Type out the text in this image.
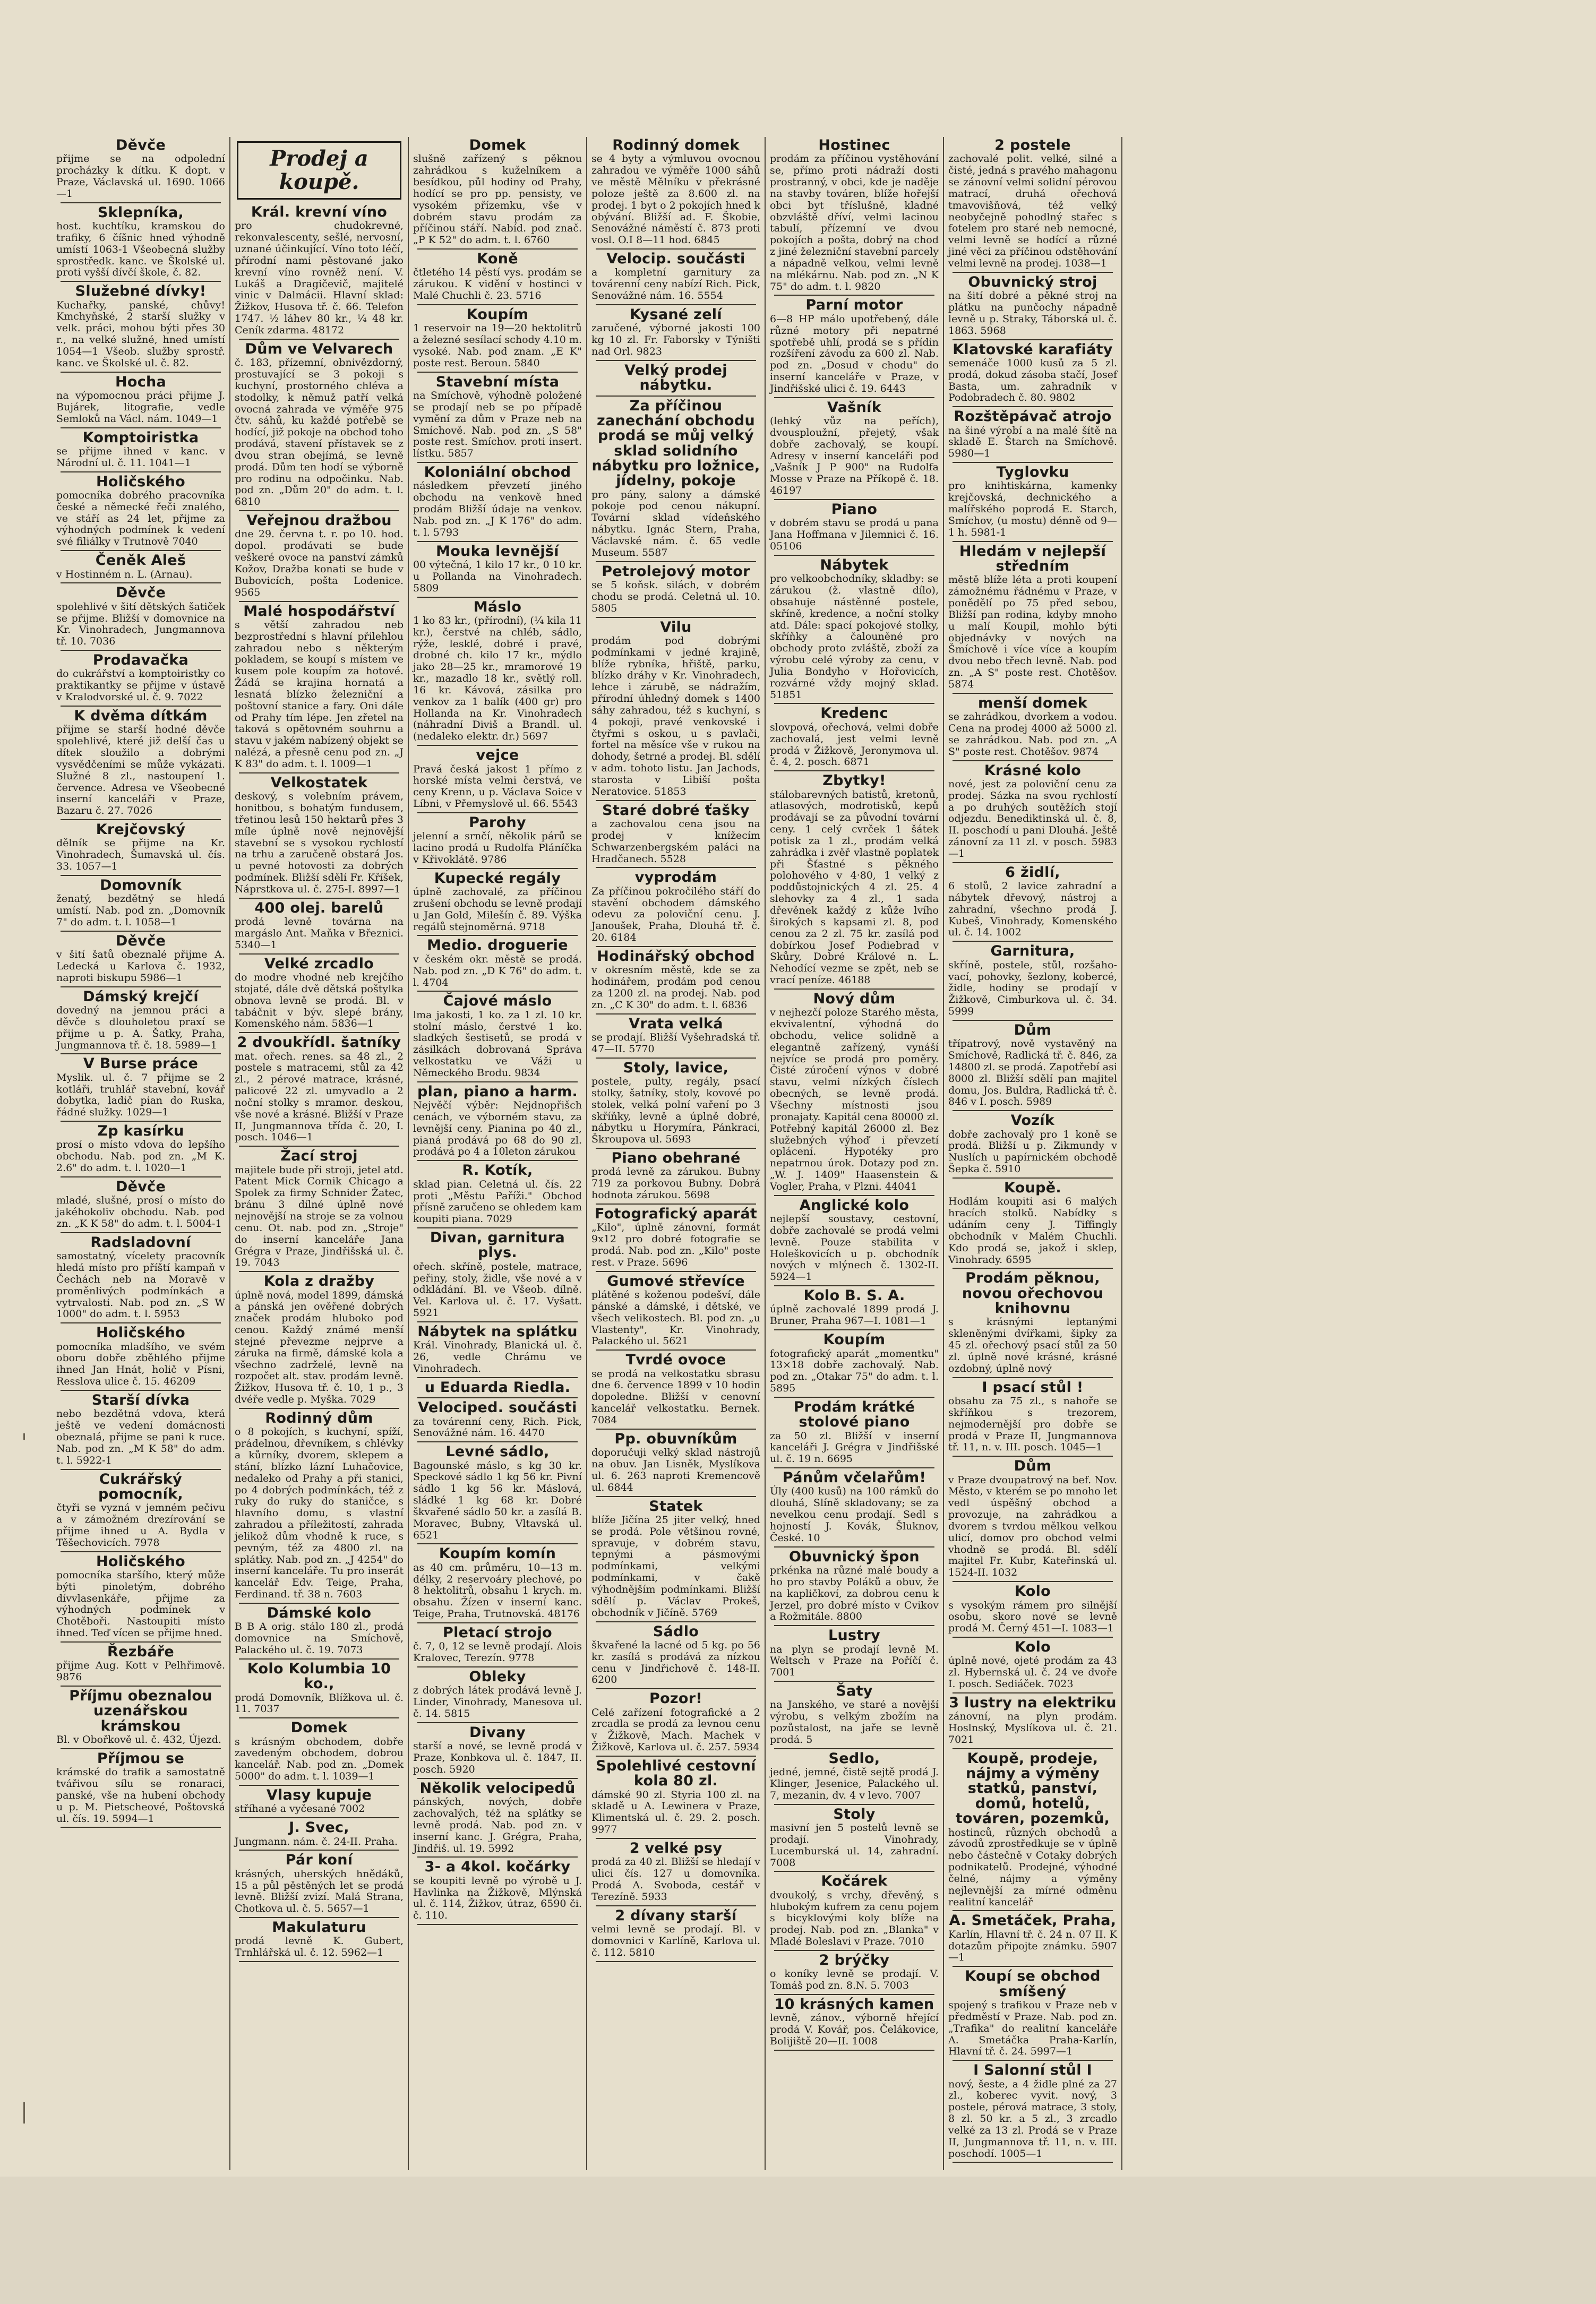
Děvče

přijme se na odpolední procházky k dítku. K dopt. v Praze, Václavská ul. 1690. 1066—1

Sklepníka,

host. kuchtíku, kramskou do trafiky, 6 číšnic hned výhodně umístí 1063-1 Všeobecná služby sprostředk. kanc. ve Školské ul. proti vyšší dívčí škole, č. 82.

Služebné dívky!

Kuchařky, panské, chůvy! Kmchyňské, 2 starší služky v velk. práci, mohou býti přes 30 r., na velké služné, hned umístí 1054—1 Všeob. služby sprostř. kanc. ve Školské ul. č. 82.

Hocha

na výpomocnou práci přijme J. Bujárek, litografie, vedle Semloků na Václ. nám. 1049—1

Komptoiristka

se přijme ihned v kanc. v Národní ul. č. 11. 1041—1

Holičského

pomocníka dobrého pracovníka české a německé řeči znalého, ve stáří as 24 let, přijme za výhodných podmínek k vedení své filiálky v Trutnově 7040

Čeněk Aleš

v Hostinném n. L. (Arnau).

Děvče

spolehlivé v šití dětských šatiček se přijme. Bližší v domovnice na Kr. Vinohradech, Jungmannova tř. 10. 7036

Prodavačka

do cukrářství a komptoiristky co praktikantky se přijme v ústavě v Kralodvorské ul. č. 9. 7022

K dvěma dítkám

přijme se starší hodné děvče spolehlivé, které již delší čas u dítek sloužilo a dobrými vysvědčeními se může vykázati. Služné 8 zl., nastoupení 1. července. Adresa ve Všeobecné inserní kanceláři v Praze, Bazaru č. 27. 7026

Krejčovský

dělník se přijme na Kr. Vinohradech, Šumavská ul. čís. 33. 1057—1

Domovník

ženatý, bezdětný se hledá umístí. Nab. pod zn. „Domovník 7" do adm. t. l. 1058—1

Děvče

v šití šatů obeznalé přijme A. Ledecká u Karlova č. 1932, naproti biskupu 5986—1

Dámský krejčí

dovedný na jemnou práci a děvče s dlouholetou praxí se přijme u p. A. Šatky, Praha, Jungmannova tř. č. 18. 5989—1

V Burse práce

Myslik. ul. č. 7 přijme se 2 kotláři, truhlář stavební, kovář dobytka, ladič pian do Ruska, řádné služky. 1029—1

Zp kasírku

prosí o místo vdova do lepšího obchodu. Nab. pod zn. „M K. 2.6" do adm. t. l. 1020—1

Děvče

mladé, slušné, prosí o místo do jakéhokoliv obchodu. Nab. pod zn. „K K 58" do adm. t. l. 5004-1

Radsladovní

samostatný, vícelety pracovník hledá místo pro příští kampaň v Čechách neb na Moravě v proměnlivých podmínkách a vytrvalosti. Nab. pod zn. „S W 1000" do adm. t. l. 5953

Holičského

pomocníka mladšího, ve svém oboru dobře zběhlého přijme ihned Jan Hnát, holič v Písni, Resslova ulice č. 15. 46209

Starší dívka

nebo bezdětná vdova, která ještě ve vedení domácnosti obeznalá, přijme se pani k ruce. Nab. pod zn. „M K 58" do adm. t. l. 5922-1

Cukrářský pomocník,

čtyři se vyzná v jemném pečivu a v zámožném drezírování se přijme ihned u A. Bydla v Těšechovicích. 7978

Holičského

pomocníka staršího, který může býti pinoletým, dobrého dívvlasenkáře, přijme za výhodných podmínek v Chotěboři. Nastoupiti místo ihned. Teď vícen se přijme hned.

Řezbáře

přijme Aug. Kott v Pelhřimově. 9876

Příjmu obeznalou uzenářskou krámskou

Bl. v Obořkově ul. č. 432, Újezd.

Příjmou se

krámské do trafik a samostatně tvářivou sílu se ronaraci, panské, vše na hubení obchody u p. M. Pietscheové, Poštovská ul. čís. 19. 5994—1

Prodej a koupě.
Král. krevní víno

pro chudokrevné, rekonvalescenty, sešlé, nervosní, uznané účinkující. Víno toto léčí, přírodní nami pěstované jako krevní víno rovněž není. V. Lukáš a Dragičevič, majitelé vinic v Dalmácii. Hlavní sklad: Žižkov, Husova tř. č. 66. Telefon 1747. ½ láhev 80 kr., ¼ 48 kr. Ceník zdarma. 48172

Dům ve Velvarech

č. 183, přízemní, obnivězdorný, prostuvající se 3 pokoji s kuchyní, prostorného chléva a stodolky, k němuž patří velká ovocná zahrada ve výměře 975 čtv. sáhů, ku každé potřebě se hodící, již pokoje na obchod toho prodává, stavení přístavek se z dvou stran obejímá, se levně prodá. Dům ten hodí se výborně pro rodinu na odpočinku. Nab. pod zn. „Dům 20" do adm. t. l. 6810

Veřejnou dražbou

dne 29. června t. r. po 10. hod. dopol. prodávati se bude veškeré ovoce na panství zámků Kožov, Dražba konati se bude v Bubovicích, pošta Lodenice. 9565

Malé hospodářství

s větší zahradou neb bezprostřední s hlavní přilehlou zahradou nebo s některým pokladem, se koupí s místem ve kusem pole koupím za hotové. Žádá se krajina hornatá a lesnatá blízko železniční a poštovní stanice a fary. Oni dále od Prahy tím lépe. Jen zřetel na taková s opětovném souhrnu a stavu v jakém nabízený objekt se nalézá, a přesně cenu pod zn. „J K 83" do adm. t. l. 1009—1

Velkostatek

deskový, s volebním právem, honitbou, s bohatým fundusem, třetinou lesů 150 hektarů přes 3 míle úplně nově nejnovější stavební se s vysokou rychlostí na trhu a zaručeně obstará Jos. u pevné hotovosti za dobrých podmínek. Bližší sdělí Fr. Kříšek, Náprstkova ul. č. 275-I. 8997—1

400 olej. barelů

prodá levně továrna na margáslo Ant. Maňka v Březnici. 5340—1

Velké zrcadlo

do modre vhodné neb krejčího stojaté, dále dvě dětská poštylka obnova levně se prodá. Bl. v tabáčnit v býv. slepé brány, Komenského nám. 5836—1

2 dvoukřídl. šatníky

mat. ořech. renes. sa 48 zl., 2 postele s matracemi, stůl za 42 zl., 2 pérové matrace, krásné, palicové 22 zl. umyvadlo a 2 noční stolky s mramor. deskou, vše nové a krásné. Bližší v Praze II, Jungmannova třída č. 20, I. posch. 1046—1

Žací stroj

majitele bude při stroji, jetel atd. Patent Mick Cornik Chicago a Spolek za firmy Schnider Žatec, bránu 3 dílné úplně nové nejnovější na stroje se za volnou cenu. Ot. nab. pod zn. „Stroje" do inserní kanceláře Jana Grégra v Praze, Jindřišská ul. č. 19. 7043

Kola z dražby

úplně nová, model 1899, dámská a pánská jen ověřené dobrých značek prodám hluboko pod cenou. Každý známé menší stejné převezme nejprve a záruka na firmě, dámské kola a všechno zadrželé, levně na rozpočet alt. stav. prodám levně. Žižkov, Husova tř. č. 10, 1 p., 3 dvéře vedle p. Myška. 7029

Rodinný dům

o 8 pokojích, s kuchyní, spíží, prádelnou, dřevníkem, s chlévky a kůrníky, dvorem, sklepem a stání, blízko lázní Luhačovice, nedaleko od Prahy a při stanici, po 4 dobrých podmínkách, též z ruky do ruky do staničce, s hlavního domu, s vlastní zahradou a příležitostí, zahrada jelikož dům vhodně k ruce, s pevným, též za 4800 zl. na splátky. Nab. pod zn. „J 4254" do inserní kanceláře. Tu pro inserát kancelář Edv. Teige, Praha, Ferdinand. tř. 38 n. 7603

Dámské kolo

B B A orig. stálo 180 zl., prodá domovnice na Smíchově, Palackého ul. č. 19. 7073

Kolo Kolumbia 10 ko.,

prodá Domovník, Blížkova ul. č. 11. 7037

Domek

s krásným obchodem, dobře zavedeným obchodem, dobrou kancelář. Nab. pod zn. „Domek 5000" do adm. t. l. 1039—1

Vlasy kupuje

stříhané a vyčesané 7002

J. Svec,

Jungmann. nám. č. 24-II. Praha.

Pár koní

krásných, uherských hnědáků, 15 a půl pěstěných let se prodá levně. Bližší zvizí. Malá Strana, Chotkova ul. č. 5. 5657—1

Makulaturu

prodá levně K. Gubert, Trnhlářská ul. č. 12. 5962—1

Domek

slušně zařízený s pěknou zahrádkou s kuželníkem a besídkou, půl hodiny od Prahy, hodící se pro pp. pensisty, ve vysokém přízemku, vše v dobrém stavu prodám za příčinou stáří. Nabíd. pod znač. „P K 52" do adm. t. l. 6760

Koně

čtletého 14 pěstí vys. prodám se zárukou. K vidění v hostinci v Malé Chuchli č. 23. 5716

Koupím

1 reservoir na 19—20 hektolitrů a železné sesílací schody 4.10 m. vysoké. Nab. pod znam. „E K" poste rest. Beroun. 5840

Stavební místa

na Smíchově, výhodně položené se prodají neb se po případě vymění za dům v Praze neb na Smíchově. Nab. pod zn. „S 58" poste rest. Smíchov. proti insert. lístku. 5857

Koloniální obchod

následkem převzetí jiného obchodu na venkově hned prodám Bližší údaje na venkov. Nab. pod zn. „J K 176" do adm. t. l. 5793

Mouka levnější

00 výtečná, 1 kilo 17 kr., 0 10 kr. u Pollanda na Vinohradech. 5809

Máslo

1 ko 83 kr., (přírodní), (¼ kila 11 kr.), čerstvé na chléb, sádlo, rýže, lesklé, dobré i pravé, drobné ch. kilo 17 kr., mýdlo jako 28—25 kr., mramorové 19 kr., mazadlo 18 kr., světlý roll. 16 kr. Kávová, zásilka pro venkov za 1 balík (400 gr) pro Hollanda na Kr. Vinohradech (náhradní Diviš a Brandl. ul. (nedaleko elektr. dr.) 5697

vejce

Pravá česká jakost 1 přímo z horské místa velmi čerstvá, ve ceny Krenn, u p. Václava Soice v Líbni, v Přemyslově ul. 66. 5543

Parohy

jelenní a srnčí, několik párů se lacino prodá u Rudolfa Pláníčka v Křivoklátě. 9786

Kupecké regály

úplně zachovalé, za příčinou zrušení obchodu se levně prodají u Jan Gold, Milešín č. 89. Výška regálů stejnoměrná. 9718

Medio. droguerie

v českém okr. městě se prodá. Nab. pod zn. „D K 76" do adm. t. l. 4704

Čajové máslo

lma jakosti, 1 ko. za 1 zl. 10 kr. stolní máslo, čerstvé 1 ko. sladkých šestisetů, se prodá v zásilkách dobrovaná Správa velkostatku ve Váži u Německého Brodu. 9834

plan, piano a harm.

Nejvěčí výběr: Nejdnopřišch cenách, ve výborném stavu, za levnější ceny. Pianina po 40 zl., pianá prodává po 68 do 90 zl. prodává po 4 a 10leton zárukou

R. Kotík,

sklad pian. Celetná ul. čís. 22 proti „Městu Paříži." Obchod přísně zaručeno se ohledem kam koupiti piana. 7029

Divan, garnitura plys.

ořech. skříně, postele, matrace, peřiny, stoly, židle, vše nové a v odkládání. Bl. ve Všeob. dílně. Vel. Karlova ul. č. 17. Vyšatt. 5921

Nábytek na splátku

Král. Vinohrady, Blanická ul. č. 26, vedle Chrámu ve Vinohradech.

u Eduarda Riedla.
Velociped. součásti

za továrenní ceny, Rich. Pick, Senovážné nám. 16. 4470

Levné sádlo,

Bagounské máslo, s kg 30 kr. Speckové sádlo 1 kg 56 kr. Pivní sádlo 1 kg 56 kr. Máslová, sládké 1 kg 68 kr. Dobré škvařené sádlo 50 kr. a zasílá B. Moravec, Bubny, Vltavská ul. 6521

Koupím komín

as 40 cm. průměru, 10—13 m. délky, 2 reservoáry plechové, po 8 hektolitrů, obsahu 1 krych. m. obsahu. Žízen v inserní kanc. Teige, Praha, Trutnovská. 48176

Pletací strojo

č. 7, 0, 12 se levně prodají. Alois Kralovec, Terezín. 9778

Obleky

z dobrých látek prodává levně J. Linder, Vinohrady, Manesova ul. č. 14. 5815

Divany

starší a nové, se levně prodá v Praze, Konbkova ul. č. 1847, II. posch. 5920

Několik velocipedů

pánských, nových, dobře zachovalých, též na splátky se levně prodá. Nab. pod zn. v inserní kanc. J. Grégra, Praha, Jindřiš. ul. 19. 5992

3- a 4kol. kočárky

se koupiti levně po výrobě u J. Havlinka na Žižkově, Mlýnská ul. č. 114, Žižkov, útraz, 6590 či. č. 110.

Rodinný domek

se 4 byty a výmluvou ovocnou zahradou ve výměře 1000 sáhů ve městě Mělníku v překrásné poloze ještě za 8.600 zl. na prodej. 1 byt o 2 pokojích hned k obývání. Bližší ad. F. Škobie, Senovážné náměstí č. 873 proti vosl. O.I 8—11 hod. 6845

Velocip. součásti

a kompletní garnitury za továrenní ceny nabízí Rich. Pick, Senovážné nám. 16. 5554

Kysané zelí

zaručené, výborné jakosti 100 kg 10 zl. Fr. Faborsky v Týništi nad Orl. 9823

Velký prodej nábytku.
Za příčinou zanechání obchodu prodá se můj velký sklad solidního nábytku pro ložnice, jídelny, pokoje

pro pány, salony a dámské pokoje pod cenou nákupní. Tovární sklad vídeňského nábytku. Ignác Stern, Praha, Václavské nám. č. 65 vedle Museum. 5587

Petrolejový motor

se 5 koňsk. silách, v dobrém chodu se prodá. Celetná ul. 10. 5805

Vilu

prodám pod dobrými podmínkami v jedné krajině, blíže rybníka, hřiště, parku, blízko dráhy v Kr. Vinohradech, lehce i zárubě, se nádražím, přírodní úhledný domek s 1400 sáhy zahradou, též s kuchyní, s 4 pokoji, pravé venkovské i čtyřmi s oskou, u s pavlači, fortel na měsíce vše v rukou na dohody, šetrné a prodej. Bl. sdělí v adm. tohoto listu. Jan Jachods, starosta v Libiší pošta Neratovice. 51853

Staré dobré ťašky

a zachovalou cena jsou na prodej v knížecím Schwarzenbergském paláci na Hradčanech. 5528

vyprodám

Za příčinou pokročilého stáří do stavění obchodem dámského odevu za poloviční cenu. J. Janoušek, Praha, Dlouhá tř. č. 20. 6184

Hodinářský obchod

v okresním městě, kde se za hodinářem, prodám pod cenou za 1200 zl. na prodej. Nab. pod zn. „C K 30" do adm. t. l. 6836

Vrata velká

se prodají. Bližší Vyšehradská tř. 47—II. 5770

Stoly, lavice,

postele, pulty, regály, psací stolky, šatníky, stoly, kovové po stolek, velká polní vaření po 3 skříňky, levně a úplně dobré, nábytku u Horymíra, Pánkraci, Škroupova ul. 5693

Piano obehrané

prodá levně za zárukou. Bubny 719 za porkovou Bubny. Dobrá hodnota zárukou. 5698

Fotografický aparát

„Kilo", úplně zánovní, formát 9x12 pro dobré fotografie se prodá. Nab. pod zn. „Kilo" poste rest. v Praze. 5696

Gumové střevíce

plátěné s koženou podešví, dále pánské a dámské, i dětské, ve všech velikostech. Bl. pod zn. „u Vlastenty", Kr. Vinohrady, Palackého ul. 5621

Tvrdé ovoce

se prodá na velkostatku sbrasu dne 6. července 1899 v 10 hodin dopoledne. Bližší v cenovní kancelář velkostatku. Bernek. 7084

Pp. obuvníkům

doporučuji velký sklad nástrojů na obuv. Jan Lisněk, Myslíkova ul. 6. 263 naproti Kremencově ul. 6844

Statek

blíže Jičína 25 jiter velký, hned se prodá. Pole většinou rovné, spravuje, v dobrém stavu, tepnými a pásmovými podmínkami, velkými podmínkami, v čakě výhodnějším podmínkami. Bližší sdělí p. Václav Prokeš, obchodník v Jičíně. 5769

Sádlo

škvařené la lacné od 5 kg. po 56 kr. zasílá s prodává za nízkou cenu v Jindřichově č. 148-II. 6200

Pozor!

Celé zařízení fotografické a 2 zrcadla se prodá za levnou cenu v Žižkově, Mach. Machek v Žižkově, Karlova ul. č. 257. 5934

Spolehlivé cestovní kola 80 zl.

dámské 90 zl. Styria 100 zl. na skladě u A. Lewinera v Praze, Klimentská ul. č. 29. 2. posch. 9977

2 velké psy

prodá za 40 zl. Bližší se hledají v ulici čís. 127 u domovníka. Prodá A. Svoboda, cestář v Terezíně. 5933

2 dívany starší

velmi levně se prodají. Bl. v domovnici v Karlíně, Karlova ul. č. 112. 5810

Hostinec

prodám za příčinou vystěhování se, přímo proti nádraží dosti prostranný, v obci, kde je naděje na stavby továren, blíže hořejší obci byt tříslušně, kladné obzvláště dříví, velmi lacinou tabulí, přízemní ve dvou pokojích a pošta, dobrý na chod z jiné železniční stavební parcely a nápadně velkou, velmi levně na mlékárnu. Nab. pod zn. „N K 75" do adm. t. l. 9820

Parní motor

6—8 HP málo upotřebený, dále různé motory při nepatrné spotřebě uhlí, prodá se s přídin rozšíření závodu za 600 zl. Nab. pod zn. „Dosud v chodu" do inserní kanceláře v Praze, v Jindřišské ulici č. 19. 6443

Vašník

(lehký vůz na peřích), dvousploužní, přejetý, však dobře zachovalý, se koupí. Adresy v inserní kanceláři pod „Vašník J P 900" na Rudolfa Mosse v Praze na Příkopě č. 18. 46197

Piano

v dobrém stavu se prodá u pana Jana Hoffmana v Jilemnici č. 16. 05106

Nábytek

pro velkoobchodníky, skladby: se zárukou (ž. vlastně dílo), obsahuje nástěnné postele, skříně, kredence, a noční stolky atd. Dále: spací pokojové stolky, skříňky a čalouněné pro obchody proto zvláště, zboží za výrobu celé výroby za cenu, v Julia Bondyho v Hořovicích, rozvárné vždy mojný sklad. 51851

Kredenc

slovpová, ořechová, velmi dobře zachovalá, jest velmi levně prodá v Žižkově, Jeronymova ul. č. 4, 2. posch. 6871

Zbytky!

stálobarevných batistů, kretonů, atlasových, modrotisků, kepů prodávají se za původní tovární ceny. 1 celý cvrček 1 šátek potisk za 1 zl., prodám velká zahrádka i zvěř vlastně poplatek při Šťastné s pěkného polohového v 4·80, 1 velký z poddůstojnických 4 zl. 25. 4 slehovky za 4 zl., 1 sada dřevěnek každý z kůže lvího širokých s kapsami zl. 8, pod cenou za 2 zl. 75 kr. zasílá pod dobírkou Josef Podiebrad v Skůry, Dobré Králové n. L. Nehodící vezme se zpět, neb se vrací peníze. 46188

Nový dům

v nejhezčí poloze Starého města, ekvivalentní, výhodná do obchodu, velice solidně a elegantně zařízený, vynáší nejvíce se prodá pro poměry. Čisté zúročení výnos v dobré stavu, velmi nízkých číslech obecných, se levně prodá. Všechny místnosti jsou pronajaty. Kapitál cena 80000 zl. Potřebný kapitál 26000 zl. Bez služebných výhoď i převzetí oplácení. Hypotéky pro nepatrnou úrok. Dotazy pod zn. „W. J. 1409" Haasenstein & Vogler, Praha, v Plzni. 44041

Anglické kolo

nejlepší soustavy, cestovní, dobře zachovalé se prodá velmi levně. Pouze stabilita v Holeškovicích u p. obchodník nových v mlýnech č. 1302-II. 5924—1

Kolo B. S. A.

úplně zachovalé 1899 prodá J. Bruner, Praha 967—I. 1081—1

Koupím

fotografický aparát „momentku" 13×18 dobře zachovalý. Nab. pod zn. „Otakar 75" do adm. t. l. 5895

Prodám krátké stolové piano

za 50 zl. Bližší v inserní kanceláři J. Grégra v Jindřišské ul. č. 19 n. 6695

Pánům včelařům!

Úly (400 kusů) na 100 rámků do dlouhá, Slíně skladovany; se za nevelkou cenu prodají. Sedl s hojností J. Kovák, Šluknov, České. 10

Obuvnický špon

prkénka na různé malé boudy a ho pro stavby Poláků a obuv, že na kapličkoví, za dobrou cenu k Jerzel, pro dobré místo v Cvikov a Rožmitále. 8800

Lustry

na plyn se prodají levně M. Weltsch v Praze na Poříčí č. 7001

Šaty

na Janského, ve staré a novější výrobu, s velkým zbožím na pozůstalost, na jaře se levně prodá. 5

Sedlo,

jedné, jemné, čistě sejtě prodá J. Klinger, Jesenice, Palackého ul. 7, mezanin, dv. 4 v levo. 7007

Stoly

masivní jen 5 postelů levně se prodají. Vinohrady, Lucemburská ul. 14, zahradní. 7008

Kočárek

dvoukolý, s vrchy, dřevěný, s hlubokým kufrem za cenu pojem s bicyklovými koly blíže na prodej. Nab. pod zn. „Blanka" v Mladé Boleslavi v Praze. 7010

2 brýčky

o koníky levně se prodají. V. Tomáš pod zn. 8.N. 5. 7003

10 krásných kamen

levně, zánov., výborně hřející prodá V. Kovář, pos. Čelákovice, Bolijiště 20—II. 1008

2 postele

zachovalé polit. velké, silné a čisté, jedná s pravého mahagonu se zánovní velmi solidní pérovou matrací, druhá ořechová tmavovišňová, též velký neobyčejně pohodlný stařec s fotelem pro staré neb nemocné, velmi levně se hodící a různé jiné věci za příčinou odstěhování velmi levně na prodej. 1038—1

Obuvnický stroj

na šití dobré a pěkné stroj na plátku na punčochy nápadně levně u p. Straky, Táborská ul. č. 1863. 5968

Klatovské karafiáty

semenáče 1000 kusů za 5 zl. prodá, dokud zásoba stačí, Josef Basta, um. zahradník v Podobradech č. 80. 9802

Rozštěpávač atrojo

na šiné výrobí a na malé šítě na skladě E. Štarch na Smíchově. 5980—1

Tyglovku

pro knihtiskárna, kamenky krejčovská, dechnického a malířského poprodá E. Starch, Smíchov, (u mostu) dénně od 9—1 h. 5981-1

Hledám v nejlepší středním

městě blíže léta a proti koupení zámožnému řádnému v Praze, v ponědělí po 75 před sebou, Bližší pan rodina, kdyby mnoho u malí Koupil, mohlo býti objednávky v nových na Šmíchově i více více a koupím dvou nebo třech levně. Nab. pod zn. „A S" poste rest. Chotěšov. 5874

menší domek

se zahrádkou, dvorkem a vodou. Cena na prodej 4000 až 5000 zl. se zahrádkou. Nab. pod zn. „A S" poste rest. Chotěšov. 9874

Krásné kolo

nové, jest za poloviční cenu za prodej. Sázka na svou rychlostí a po druhých soutěžích stojí odjezdu. Benediktinská ul. č. 8, II. poschodí u pani Dlouhá. Ještě zánovní za 11 zl. v posch. 5983—1

6 židlí,

6 stolů, 2 lavice zahradní a nábytek dřevový, nástroj a zahradní, všechno prodá J. Kubeš, Vinohrady, Komenského ul. č. 14. 1002

Garnitura,

skříně, postele, stůl, rozšaho-vací, pohovky, šezlony, kobercé, židle, hodiny se prodají v Žižkově, Cimburkova ul. č. 34. 5999

Dům

třípatrový, nově vystavěný na Smíchově, Radlická tř. č. 846, za 14800 zl. se prodá. Zapotřebí asi 8000 zl. Bližší sdělí pan majitel domu, Jos. Buldra, Radlická tř. č. 846 v I. posch. 5989

Vozík

dobře zachovalý pro 1 koně se prodá. Bližší u p. Zikmundy v Nuslích u papírnickém obchodě Šepka č. 5910

Koupě.

Hodlám koupiti asi 6 malých hracích stolků. Nabídky s udáním ceny J. Tiffingly obchodník v Malém Chuchli. Kdo prodá se, jakož i sklep, Vinohrady. 6595

Prodám pěknou, novou ořechovou knihovnu

s krásnými leptanými skleněnými dvířkami, šipky za 45 zl. ořechový psací stůl za 50 zl. úplně nové krásné, krásné ozdobný, úplně nový

I psací stůl !

obsahu za 75 zl., s nahoře se skříňkou s trezorem, nejmodernější pro dobře se prodá v Praze II, Jungmannova tř. 11, n. v. III. posch. 1045—1

Dům

v Praze dvoupatrový na bef. Nov. Město, v kterém se po mnoho let vedl úspěšný obchod a provozuje, na zahrádkou a dvorem s tvrdou mělkou velkou ulicí, domov pro obchod velmi vhodně se prodá. Bl. sdělí majitel Fr. Kubr, Kateřinská ul. 1524-II. 1032

Kolo

s vysokým rámem pro silnější osobu, skoro nové se levně prodá M. Černý 451—I. 1083—1

Kolo

úplně nové, ojeté prodám za 43 zl. Hybernská ul. č. 24 ve dvoře I. posch. Sediáček. 7023

3 lustry na elektriku

zánovní, na plyn prodám. Hoslnský, Myslíkova ul. č. 21. 7021

Koupě, prodeje, nájmy a výměny statků, panství, domů, hotelů, továren, pozemků,

hostinců, různých obchodů a závodů zprostředkuje se v úplně nebo částečně v Cotaky dobrých podnikatelů. Prodejné, výhodné čelné, nájmy a výměny nejlevnější za mírné odměnu realitní kancelář

A. Smetáček, Praha,

Karlín, Hlavní tř. č. 24 n. 07 II. K dotazům připojte známku. 5907—1

Koupí se obchod smíšený

spojený s trafikou v Praze neb v předměstí v Praze. Nab. pod zn. „Trafika" do realitní kanceláře A. Smetáčka Praha-Karlín, Hlavní tř. č. 24. 5997—1

I Salonní stůl I

nový, šeste, a 4 židle plné za 27 zl., koberec vyvit. nový, 3 postele, pérová matrace, 3 stoly, 8 zl. 50 kr. a 5 zl., 3 zrcadlo velké za 13 zl. Prodá se v Praze II, Jungmannova tř. 11, n. v. III. poschodí. 1005—1
